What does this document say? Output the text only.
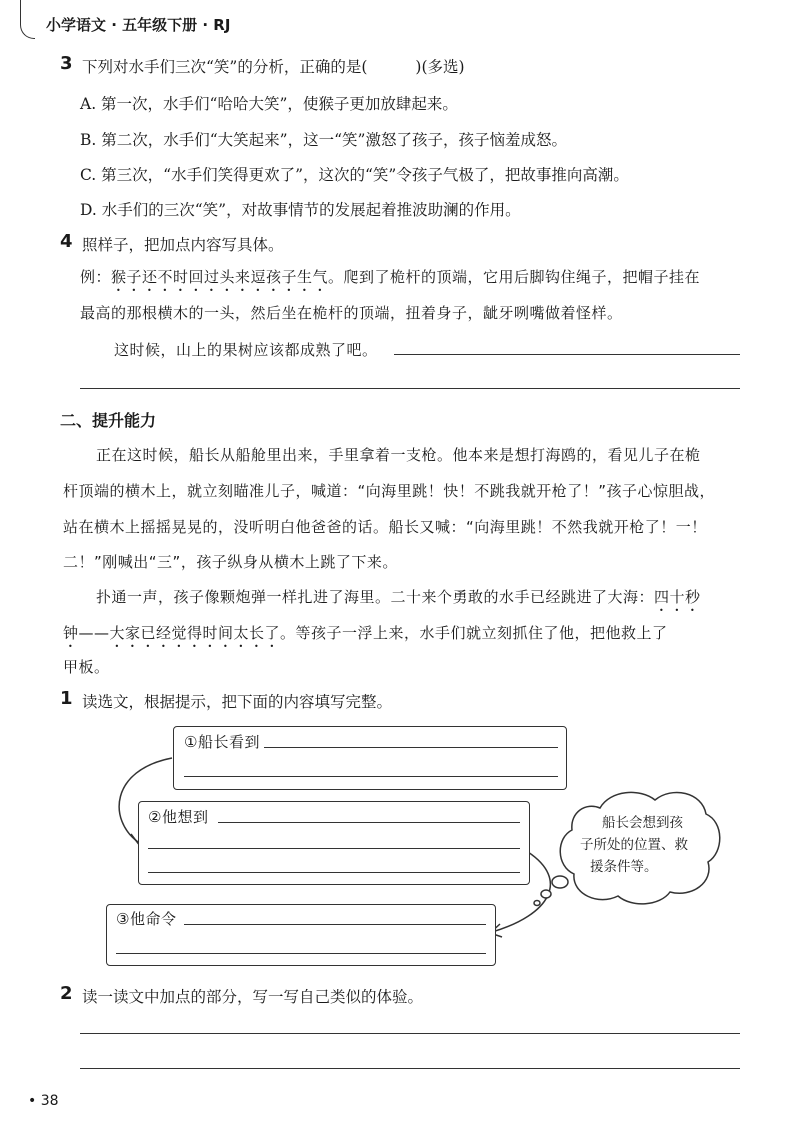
小学语文 · 五年级下册 · RJ
3 下列对水手们三次“笑”的分析，正确的是(	)(多选)
A. 第一次，水手们“哈哈大笑”，使猴子更加放肆起来。
B. 第二次，水手们“大笑起来”，这一“笑”激怒了孩子，孩子恼羞成怒。
C. 第三次，“水手们笑得更欢了”，这次的“笑”令孩子气极了，把故事推向高潮。
D. 水手们的三次“笑”，对故事情节的发展起着推波助澜的作用。
4 照样子，把加点内容写具体。
例：猴子还不时回过头来逗孩子生气。爬到了桅杆的顶端，它用后脚钩住绳子，把帽子挂在
最高的那根横木的一头，然后坐在桅杆的顶端，扭着身子，龇牙咧嘴做着怪样。
这时候，山上的果树应该都成熟了吧。
二、提升能力
正在这时候，船长从船舱里出来，手里拿着一支枪。他本来是想打海鸥的，看见儿子在桅
杆顶端的横木上，就立刻瞄准儿子，喊道：“向海里跳！快！不跳我就开枪了！”孩子心惊胆战，
站在横木上摇摇晃晃的，没听明白他爸爸的话。船长又喊：“向海里跳！不然我就开枪了！一！
二！”刚喊出“三”，孩子纵身从横木上跳了下来。
扑通一声，孩子像颗炮弹一样扎进了海里。二十来个勇敢的水手已经跳进了大海：四十秒
钟——大家已经觉得时间太长了。等孩子一浮上来，水手们就立刻抓住了他，把他救上了
甲板。
1 读选文，根据提示，把下面的内容填写完整。
①船长看到
②他想到
③他命令
船长会想到孩
子所处的位置、救
援条件等。
2 读一读文中加点的部分，写一写自己类似的体验。
• 38
